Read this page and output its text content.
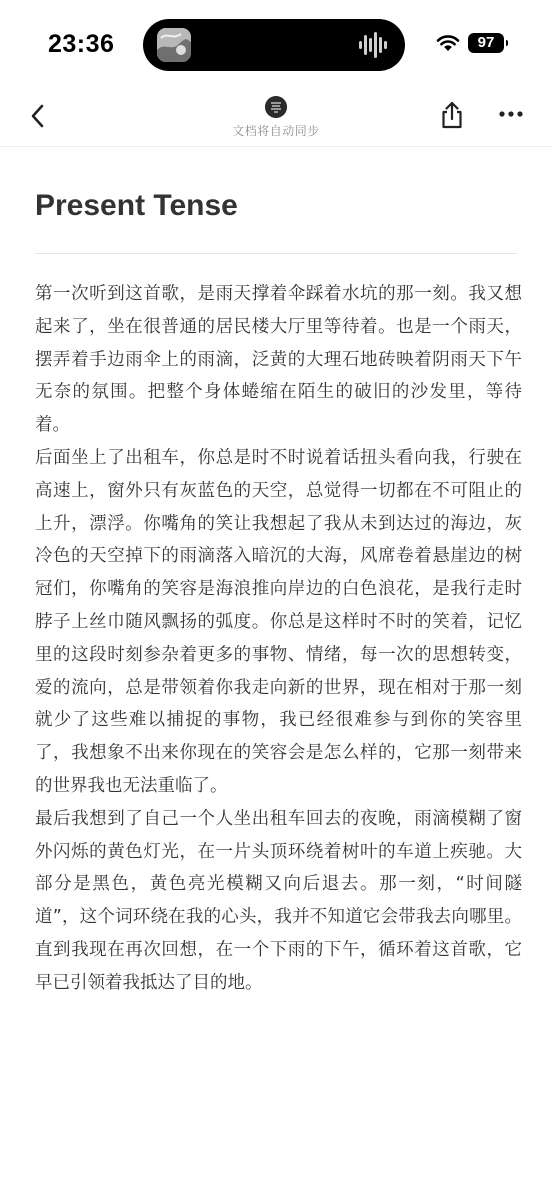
23:36	97
文档将自动同步
Present Tense

第一次听到这首歌，是雨天撑着伞踩着水坑的那一刻。我又想起来了，坐在很普通的居民楼大厅里等待着。也是一个雨天，摆弄着手边雨伞上的雨滴，泛黄的大理石地砖映着阴雨天下午无奈的氛围。把整个身体蜷缩在陌生的破旧的沙发里，等待着。

后面坐上了出租车，你总是时不时说着话扭头看向我，行驶在高速上，窗外只有灰蓝色的天空，总觉得一切都在不可阻止的上升，漂浮。你嘴角的笑让我想起了我从未到达过的海边，灰冷色的天空掉下的雨滴落入暗沉的大海，风席卷着悬崖边的树冠们，你嘴角的笑容是海浪推向岸边的白色浪花，是我行走时脖子上丝巾随风飘扬的弧度。你总是这样时不时的笑着，记忆里的这段时刻参杂着更多的事物、情绪，每一次的思想转变，爱的流向，总是带领着你我走向新的世界，现在相对于那一刻就少了这些难以捕捉的事物，我已经很难参与到你的笑容里了，我想象不出来你现在的笑容会是怎么样的，它那一刻带来的世界我也无法重临了。

最后我想到了自己一个人坐出租车回去的夜晚，雨滴模糊了窗外闪烁的黄色灯光，在一片头顶环绕着树叶的车道上疾驰。大部分是黑色，黄色亮光模糊又向后退去。那一刻，“时间隧道”，这个词环绕在我的心头，我并不知道它会带我去向哪里。直到我现在再次回想，在一个下雨的下午，循环着这首歌，它早已引领着我抵达了目的地。
